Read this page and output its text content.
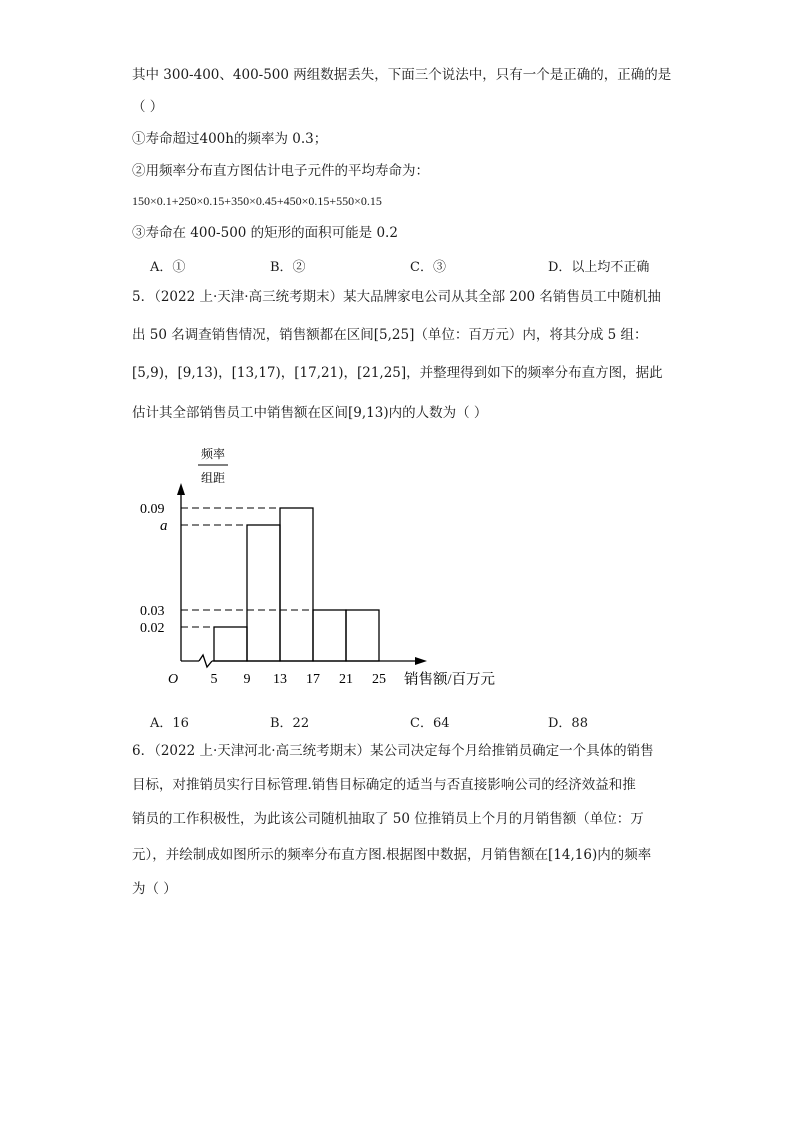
其中 300-400、400-500 两组数据丢失，下面三个说法中，只有一个是正确的，正确的是
（ ）
①寿命超过400h的频率为 0.3；
②用频率分布直方图估计电子元件的平均寿命为：
150×0.1+250×0.15+350×0.45+450×0.15+550×0.15
③寿命在 400-500 的矩形的面积可能是 0.2
A．①	B．②	C．③	D．以上均不正确
5．（2022 上·天津·高三统考期末）某大品牌家电公司从其全部 200 名销售员工中随机抽
出 50 名调查销售情况，销售额都在区间[5,25]（单位：百万元）内，将其分成 5 组：
[5,9)，[9,13)，[13,17)，[17,21)，[21,25]，并整理得到如下的频率分布直方图，据此
估计其全部销售员工中销售额在区间[9,13)内的人数为（ ）
0.09
a
0.03
0.02
5 9 13 17 21 25
O	销售额/百万元
频率
组距
A．16	B．22	C．64	D．88
6．（2022 上·天津河北·高三统考期末）某公司决定每个月给推销员确定一个具体的销售
目标，对推销员实行目标管理.销售目标确定的适当与否直接影响公司的经济效益和推
销员的工作积极性，为此该公司随机抽取了 50 位推销员上个月的月销售额（单位：万
元），并绘制成如图所示的频率分布直方图.根据图中数据，月销售额在[14,16)内的频率
为（ ）
